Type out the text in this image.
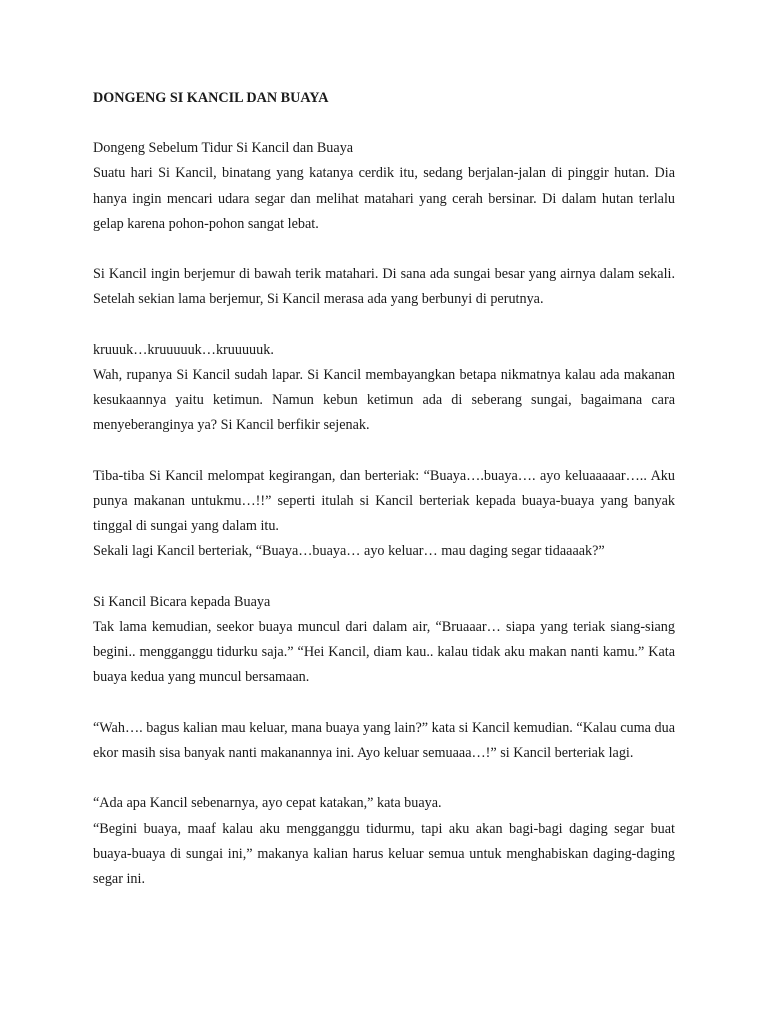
DONGENG SI KANCIL DAN BUAYA

Dongeng Sebelum Tidur Si Kancil dan Buaya

Suatu hari Si Kancil, binatang yang katanya cerdik itu, sedang berjalan-jalan di pinggir hutan. Dia hanya ingin mencari udara segar dan melihat matahari yang cerah bersinar. Di dalam hutan terlalu gelap karena pohon-pohon sangat lebat.

Si Kancil ingin berjemur di bawah terik matahari. Di sana ada sungai besar yang airnya dalam sekali. Setelah sekian lama berjemur, Si Kancil merasa ada yang berbunyi di perutnya.

kruuuk…kruuuuuk…kruuuuuk.

Wah, rupanya Si Kancil sudah lapar. Si Kancil membayangkan betapa nikmatnya kalau ada makanan kesukaannya yaitu ketimun. Namun kebun ketimun ada di seberang sungai, bagaimana cara menyeberanginya ya? Si Kancil berfikir sejenak.

Tiba-tiba Si Kancil melompat kegirangan, dan berteriak: “Buaya….buaya…. ayo keluaaaaar….. Aku punya makanan untukmu…!!” seperti itulah si Kancil berteriak kepada buaya-buaya yang banyak tinggal di sungai yang dalam itu.

Sekali lagi Kancil berteriak, “Buaya…buaya… ayo keluar… mau daging segar tidaaaak?”

Si Kancil Bicara kepada Buaya

Tak lama kemudian, seekor buaya muncul dari dalam air, “Bruaaar… siapa yang teriak siang-siang begini.. mengganggu tidurku saja.” “Hei Kancil, diam kau.. kalau tidak aku makan nanti kamu.” Kata buaya kedua yang muncul bersamaan.

“Wah…. bagus kalian mau keluar, mana buaya yang lain?” kata si Kancil kemudian. “Kalau cuma dua ekor masih sisa banyak nanti makanannya ini. Ayo keluar semuaaa…!” si Kancil berteriak lagi.

“Ada apa Kancil sebenarnya, ayo cepat katakan,” kata buaya.

“Begini buaya, maaf kalau aku mengganggu tidurmu, tapi aku akan bagi-bagi daging segar buat buaya-buaya di sungai ini,” makanya kalian harus keluar semua untuk menghabiskan daging-daging segar ini.
